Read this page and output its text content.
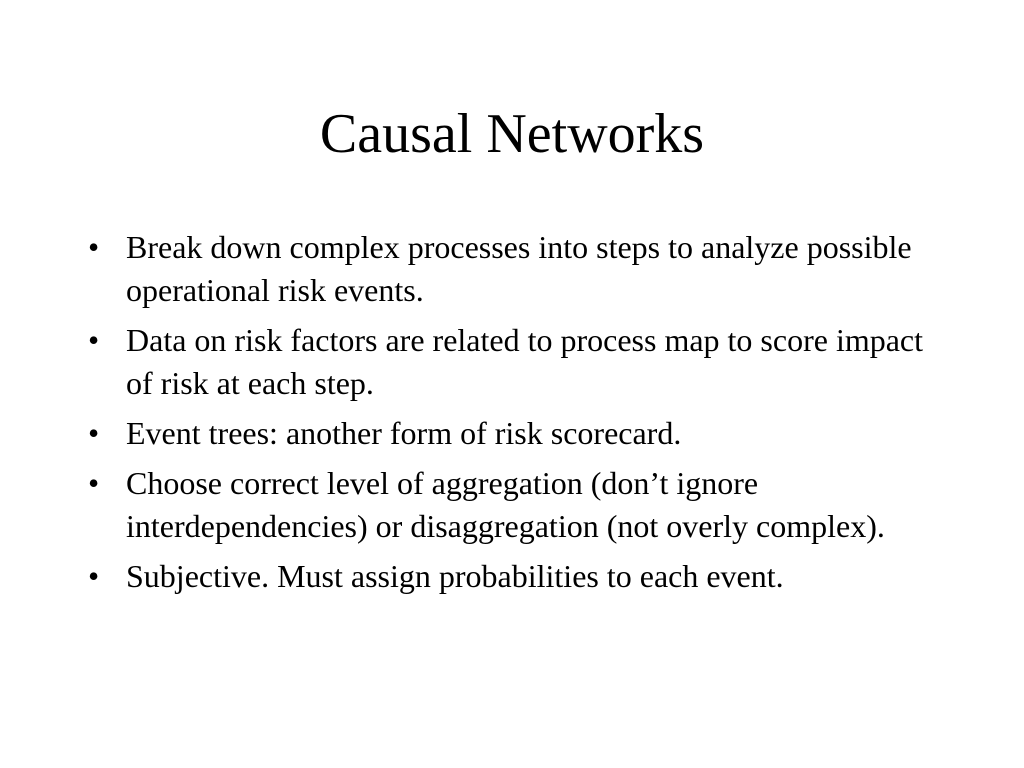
Causal Networks
• Break down complex processes into steps to analyze possible operational risk events.
• Data on risk factors are related to process map to score impact of risk at each step.
• Event trees: another form of risk scorecard.
• Choose correct level of aggregation (don’t ignore interdependencies) or disaggregation (not overly complex).
• Subjective. Must assign probabilities to each event.
